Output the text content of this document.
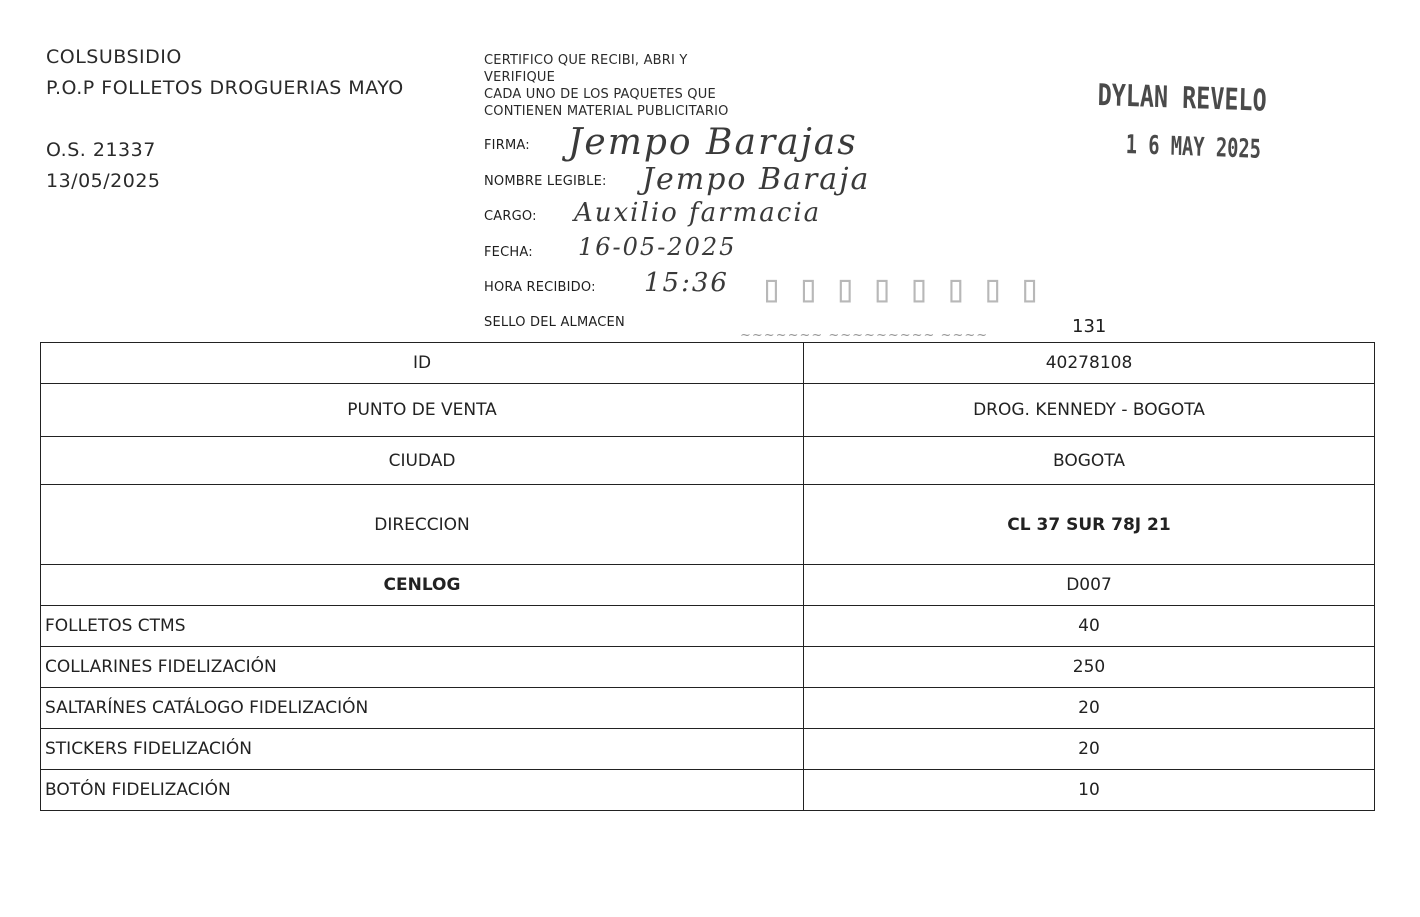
COLSUBSIDIO
P.O.P FOLLETOS DROGUERIAS MAYO
O.S. 21337
13/05/2025
CERTIFICO QUE RECIBI, ABRI Y
VERIFIQUE
CADA UNO DE LOS PAQUETES QUE
CONTIENEN MATERIAL PUBLICITARIO
FIRMA: Jempo Barajas
NOMBRE LEGIBLE: Jempo Baraja
CARGO: Auxilio farmacia
FECHA: 16-05-2025
HORA RECIBIDO: 15:36 ▯▯▯▯▯▯▯▯
SELLO DEL ALMACEN
~~~~~~~ ~~~~~~~~~ ~~~~	131
DYLAN REVELO
1 6 MAY 2025
ID	40278108
PUNTO DE VENTA	DROG. KENNEDY - BOGOTA
CIUDAD	BOGOTA
DIRECCION	CL 37 SUR 78J 21
CENLOG	D007
FOLLETOS CTMS	40
COLLARINES FIDELIZACIÓN	250
SALTARÍNES CATÁLOGO FIDELIZACIÓN	20
STICKERS FIDELIZACIÓN	20
BOTÓN FIDELIZACIÓN	10
